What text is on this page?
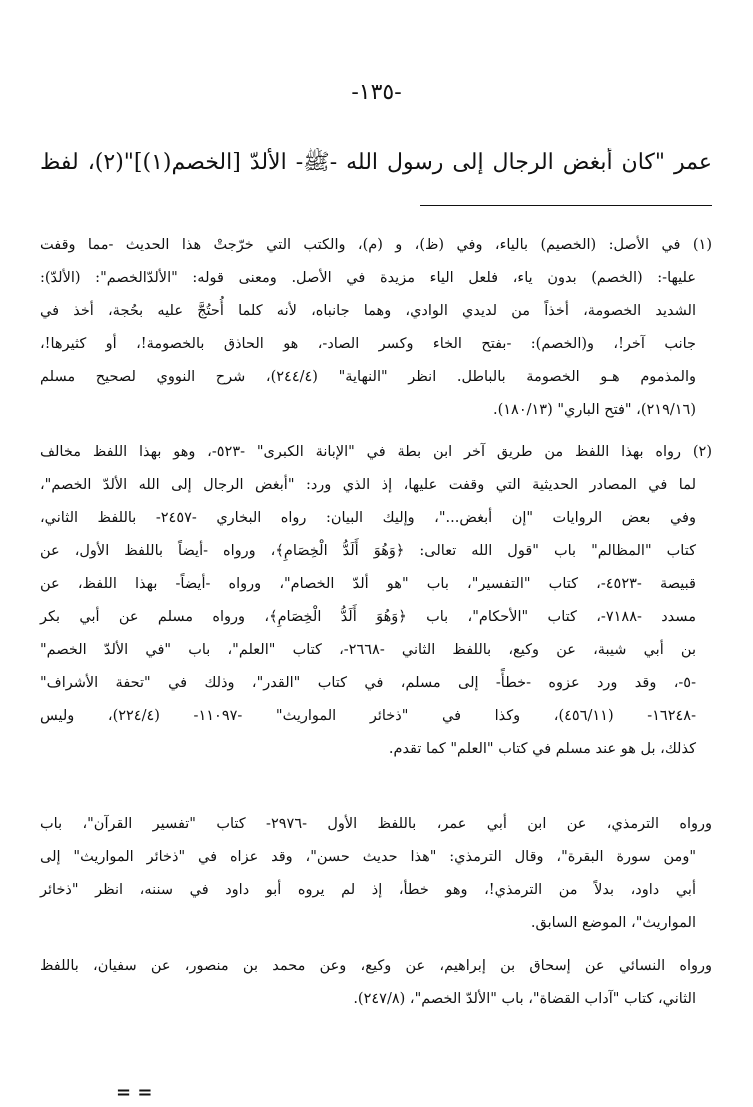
-١٣٥-
عمر "كان أبغض الرجال إلى رسول الله -ﷺ- الألدّ [الخصم(١)]"(٢)، لفظ

(١) في الأصل: (الخصيم) بالياء، وفي (ظ)، و (م)، والكتب التي خرّجتْ هذا الحديث -مما وقفت

عليها-: (الخصم) بدون ياء، فلعل الياء مزيدة في الأصل. ومعنى قوله: "الألدّالخصم": (الألدّ):

الشديد الخصومة، أخذاً من لديدي الوادي، وهما جانباه، لأنه كلما أُحتُجَّ عليه بحُجة، أخذ في

جانب آخر!، و(الخصم): -بفتح الخاء وكسر الصاد-، هو الحاذق بالخصومة!، أو كثيرها!،

والمذموم هـو الخصومة بالباطل. انظر "النهاية" (٢٤٤/٤)، شرح النووي لصحيح مسلم

(٢١٩/١٦)، "فتح الباري" (١٨٠/١٣).

(٢) رواه بهذا اللفظ من طريق آخر ابن بطة في "الإبانة الكبرى" -٥٢٣-، وهو بهذا اللفظ مخالف

لما في المصادر الحديثية التي وقفت عليها، إذ الذي ورد: "أبغض الرجال إلى الله الألدّ الخصم"،

وفي بعض الروايات "إن أبغض..."، وإليك البيان: رواه البخاري -٢٤٥٧- باللفظ الثاني،

كتاب "المظالم" باب "قول الله تعالى: ﴿وَهُوَ أَلَدُّ الْخِصَامِ﴾، ورواه -أيضاً باللفظ الأول، عن

قبيصة -٤٥٢٣-، كتاب "التفسير"، باب "هو ألدّ الخصام"، ورواه -أيضاً- بهذا اللفظ، عن

مسدد -٧١٨٨-، كتاب "الأحكام"، باب ﴿وَهُوَ أَلَدُّ الْخِصَامِ﴾، ورواه مسلم عن أبي بكر

بن أبي شيبة، عن وكيع، باللفظ الثاني -٢٦٦٨-، كتاب "العلم"، باب "في الألدّ الخصم"

-٥-، وقد ورد عزوه -خطأً- إلى مسلم، في كتاب "القدر"، وذلك في "تحفة الأشراف"

-١٦٢٤٨- (٤٥٦/١١)، وكذا في "ذخائر المواريث" -١١٠٩٧- (٢٢٤/٤)، وليس

كذلك، بل هو عند مسلم في كتاب "العلم" كما تقدم.

ورواه الترمذي، عن ابن أبي عمر، باللفظ الأول -٢٩٧٦- كتاب "تفسير القرآن"، باب

"ومن سورة البقرة"، وقال الترمذي: "هذا حديث حسن"، وقد عزاه في "ذخائر المواريث" إلى

أبي داود، بدلاً من الترمذي!، وهو خطأ، إذ لم يروه أبو داود في سننه، انظر "ذخائر

المواريث"، الموضع السابق.

ورواه النسائي عن إسحاق بن إبراهيم، عن وكيع، وعن محمد بن منصور، عن سفيان، باللفظ

الثاني، كتاب "آداب القضاة"، باب "الألدّ الخصم"، (٢٤٧/٨).

= =
